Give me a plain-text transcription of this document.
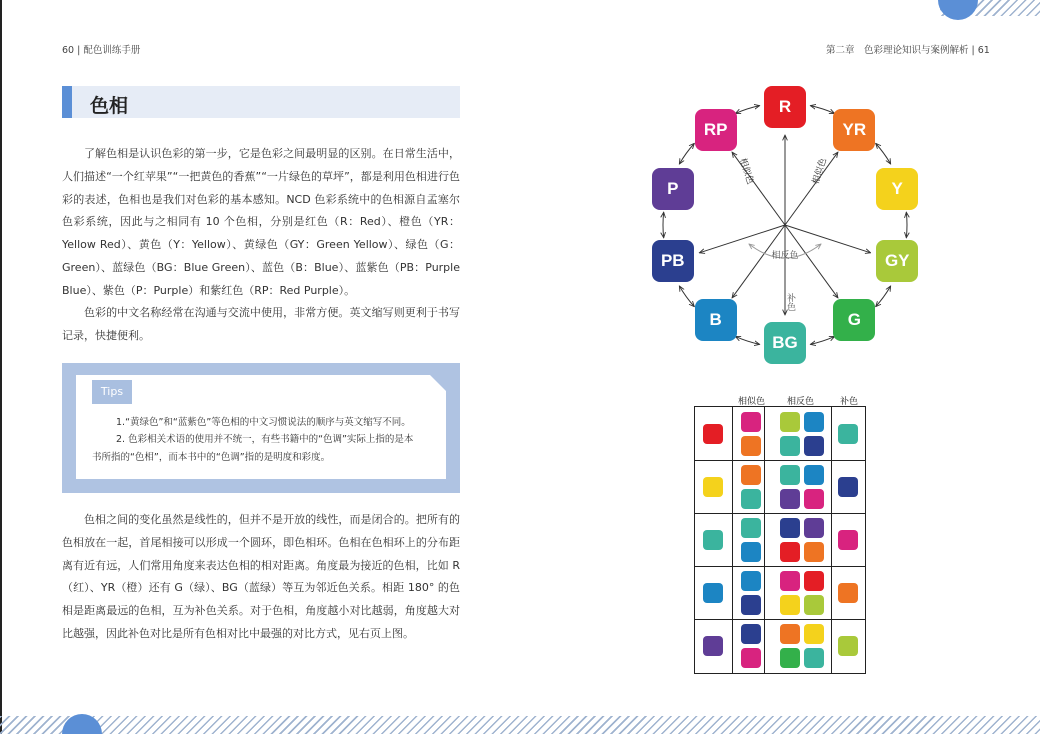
60 | 配色训练手册
色相
了解色相是认识色彩的第一步，它是色彩之间最明显的区别。在日常生活中，人们描述“一个红苹果”“一把黄色的香蕉”“一片绿色的草坪”，都是利用色相进行色彩的表述，色相也是我们对色彩的基本感知。NCD 色彩系统中的色相源自孟塞尔色彩系统，因此与之相同有 10 个色相，分别是红色（R：Red）、橙色（YR：Yellow Red）、黄色（Y：Yellow）、黄绿色（GY：Green Yellow）、绿色（G：Green）、蓝绿色（BG：Blue Green）、蓝色（B：Blue）、蓝紫色（PB：Purple Blue）、紫色（P：Purple）和紫红色（RP：Red Purple）。
色彩的中文名称经常在沟通与交流中使用，非常方便。英文缩写则更利于书写记录，快捷便利。
Tips
1.“黄绿色”和“蓝紫色”等色相的中文习惯说法的顺序与英文缩写不同。
2. 色彩相关术语的使用并不统一，有些书籍中的“色调”实际上指的是本
书所指的“色相”，而本书中的“色调”指的是明度和彩度。
色相之间的变化虽然是线性的，但并不是开放的线性，而是闭合的。把所有的色相放在一起，首尾相接可以形成一个圆环，即色相环。色相在色相环上的分布距离有近有远，人们常用角度来表达色相的相对距离。角度最为接近的色相，比如 R（红）、YR（橙）还有 G（绿）、BG（蓝绿）等互为邻近色关系。相距 180° 的色相是距离最远的色相，互为补色关系。对于色相，角度越小对比越弱，角度越大对比越强，因此补色对比是所有色相对比中最强的对比方式，见右页上图。
第二章　色彩理论知识与案例解析 | 61
相反色
补色
相似色	相似色
R
YR
Y
GY
G
BG
B
PB
P
RP
相似色 相反色	补色
